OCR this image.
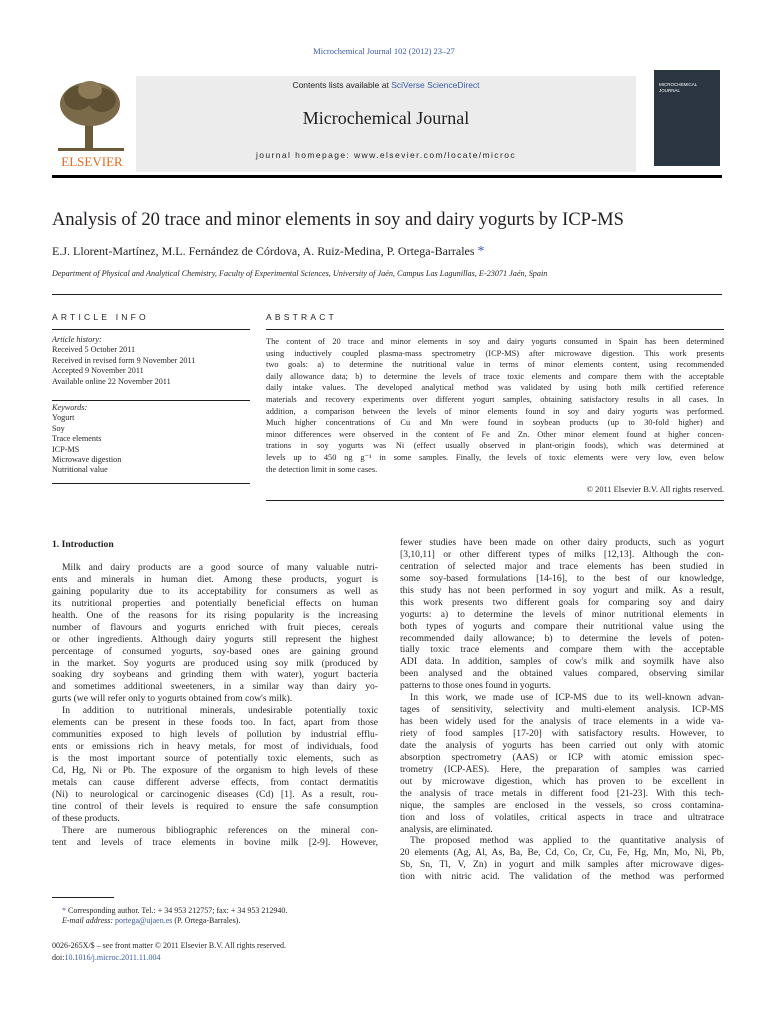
Microchemical Journal 102 (2012) 23–27
ELSEVIER
Contents lists available at SciVerse ScienceDirect
Microchemical Journal
journal homepage: www.elsevier.com/locate/microc
MICROCHEMICAL
JOURNAL
Analysis of 20 trace and minor elements in soy and dairy yogurts by ICP-MS
E.J. Llorent-Martínez, M.L. Fernández de Córdova, A. Ruiz-Medina, P. Ortega-Barrales *
Department of Physical and Analytical Chemistry, Faculty of Experimental Sciences, University of Jaén, Campus Las Lagunillas, E-23071 Jaén, Spain
ARTICLE INFO	ABSTRACT
Article history:
Received 5 October 2011
Received in revised form 9 November 2011
Accepted 9 November 2011
Available online 22 November 2011
Keywords:
Yogurt
Soy
Trace elements
ICP-MS
Microwave digestion
Nutritional value
The content of 20 trace and minor elements in soy and dairy yogurts consumed in Spain has been determined
using inductively coupled plasma-mass spectrometry (ICP-MS) after microwave digestion. This work presents
two goals: a) to determine the nutritional value in terms of minor elements content, using recommended
daily allowance data; b) to determine the levels of trace toxic elements and compare them with the acceptable
daily intake values. The developed analytical method was validated by using both milk certified reference
materials and recovery experiments over different yogurt samples, obtaining satisfactory results in all cases. In
addition, a comparison between the levels of minor elements found in soy and dairy yogurts was performed.
Much higher concentrations of Cu and Mn were found in soybean products (up to 30-fold higher) and
minor differences were observed in the content of Fe and Zn. Other minor element found at higher concen-
trations in soy yogurts was Ni (effect usually observed in plant-origin foods), which was determined at
levels up to 450 ng g⁻¹ in some samples. Finally, the levels of toxic elements were very low, even below
the detection limit in some cases.
© 2011 Elsevier B.V. All rights reserved.
1. Introduction
Milk and dairy products are a good source of many valuable nutri-
ents and minerals in human diet. Among these products, yogurt is
gaining popularity due to its acceptability for consumers as well as
its nutritional properties and potentially beneficial effects on human
health. One of the reasons for its rising popularity is the increasing
number of flavours and yogurts enriched with fruit pieces, cereals
or other ingredients. Although dairy yogurts still represent the highest
percentage of consumed yogurts, soy-based ones are gaining ground
in the market. Soy yogurts are produced using soy milk (produced by
soaking dry soybeans and grinding them with water), yogurt bacteria
and sometimes additional sweeteners, in a similar way than dairy yo-
gurts (we will refer only to yogurts obtained from cow's milk).
In addition to nutritional minerals, undesirable potentially toxic
elements can be present in these foods too. In fact, apart from those
communities exposed to high levels of pollution by industrial efflu-
ents or emissions rich in heavy metals, for most of individuals, food
is the most important source of potentially toxic elements, such as
Cd, Hg, Ni or Pb. The exposure of the organism to high levels of these
metals can cause different adverse effects, from contact dermatitis
(Ni) to neurological or carcinogenic diseases (Cd) [1]. As a result, rou-
tine control of their levels is required to ensure the safe consumption
of these products.
There are numerous bibliographic references on the mineral con-
tent and levels of trace elements in bovine milk [2-9]. However,
fewer studies have been made on other dairy products, such as yogurt
[3,10,11] or other different types of milks [12,13]. Although the con-
centration of selected major and trace elements has been studied in
some soy-based formulations [14-16], to the best of our knowledge,
this study has not been performed in soy yogurt and milk. As a result,
this work presents two different goals for comparing soy and dairy
yogurts: a) to determine the levels of minor nutritional elements in
both types of yogurts and compare their nutritional value using the
recommended daily allowance; b) to determine the levels of poten-
tially toxic trace elements and compare them with the acceptable
ADI data. In addition, samples of cow's milk and soymilk have also
been analysed and the obtained values compared, observing similar
patterns to those ones found in yogurts.
In this work, we made use of ICP-MS due to its well-known advan-
tages of sensitivity, selectivity and multi-element analysis. ICP-MS
has been widely used for the analysis of trace elements in a wide va-
riety of food samples [17-20] with satisfactory results. However, to
date the analysis of yogurts has been carried out only with atomic
absorption spectrometry (AAS) or ICP with atomic emission spec-
trometry (ICP-AES). Here, the preparation of samples was carried
out by microwave digestion, which has proven to be excellent in
the analysis of trace metals in different food [21-23]. With this tech-
nique, the samples are enclosed in the vessels, so cross contamina-
tion and loss of volatiles, critical aspects in trace and ultratrace
analysis, are eliminated.
The proposed method was applied to the quantitative analysis of
20 elements (Ag, Al, As, Ba, Be, Cd, Co, Cr, Cu, Fe, Hg, Mn, Mo, Ni, Pb,
Sb, Sn, Tl, V, Zn) in yogurt and milk samples after microwave diges-
tion with nitric acid. The validation of the method was performed
* Corresponding author. Tel.: + 34 953 212757; fax: + 34 953 212940.
E-mail address: portega@ujaen.es (P. Ortega-Barrales).
0026-265X/$ – see front matter © 2011 Elsevier B.V. All rights reserved.
doi:10.1016/j.microc.2011.11.004
